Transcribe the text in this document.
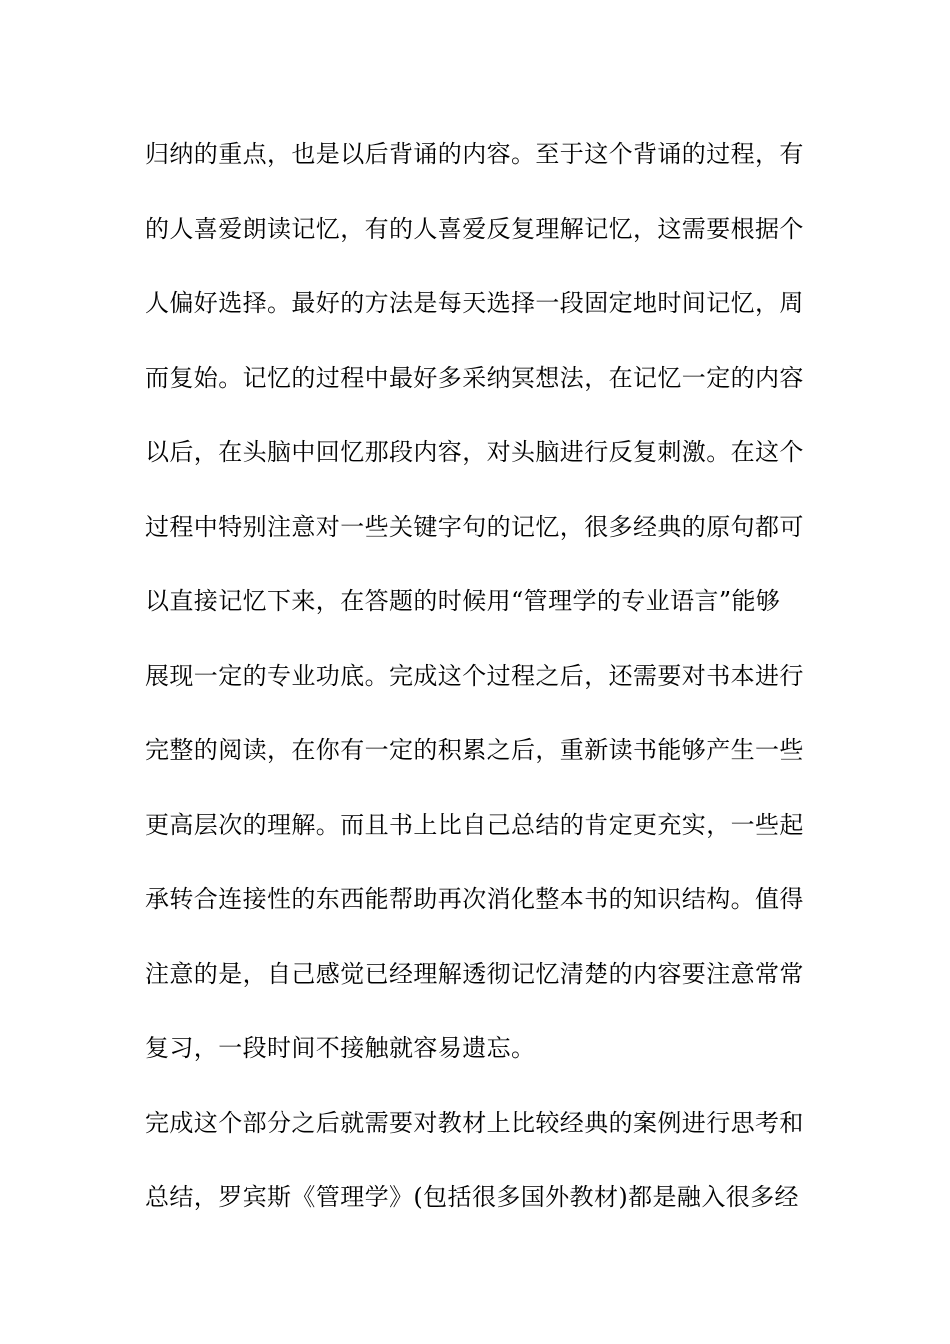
归纳的重点，也是以后背诵的内容。至于这个背诵的过程，有
的人喜爱朗读记忆，有的人喜爱反复理解记忆，这需要根据个
人偏好选择。最好的方法是每天选择一段固定地时间记忆，周
而复始。记忆的过程中最好多采纳冥想法，在记忆一定的内容
以后，在头脑中回忆那段内容，对头脑进行反复刺激。在这个
过程中特别注意对一些关键字句的记忆，很多经典的原句都可
以直接记忆下来，在答题的时候用“管理学的专业语言”能够
展现一定的专业功底。完成这个过程之后，还需要对书本进行
完整的阅读，在你有一定的积累之后，重新读书能够产生一些
更高层次的理解。而且书上比自己总结的肯定更充实，一些起
承转合连接性的东西能帮助再次消化整本书的知识结构。值得
注意的是，自己感觉已经理解透彻记忆清楚的内容要注意常常
复习，一段时间不接触就容易遗忘。
完成这个部分之后就需要对教材上比较经典的案例进行思考和
总结，罗宾斯《管理学》(包括很多国外教材)都是融入很多经
